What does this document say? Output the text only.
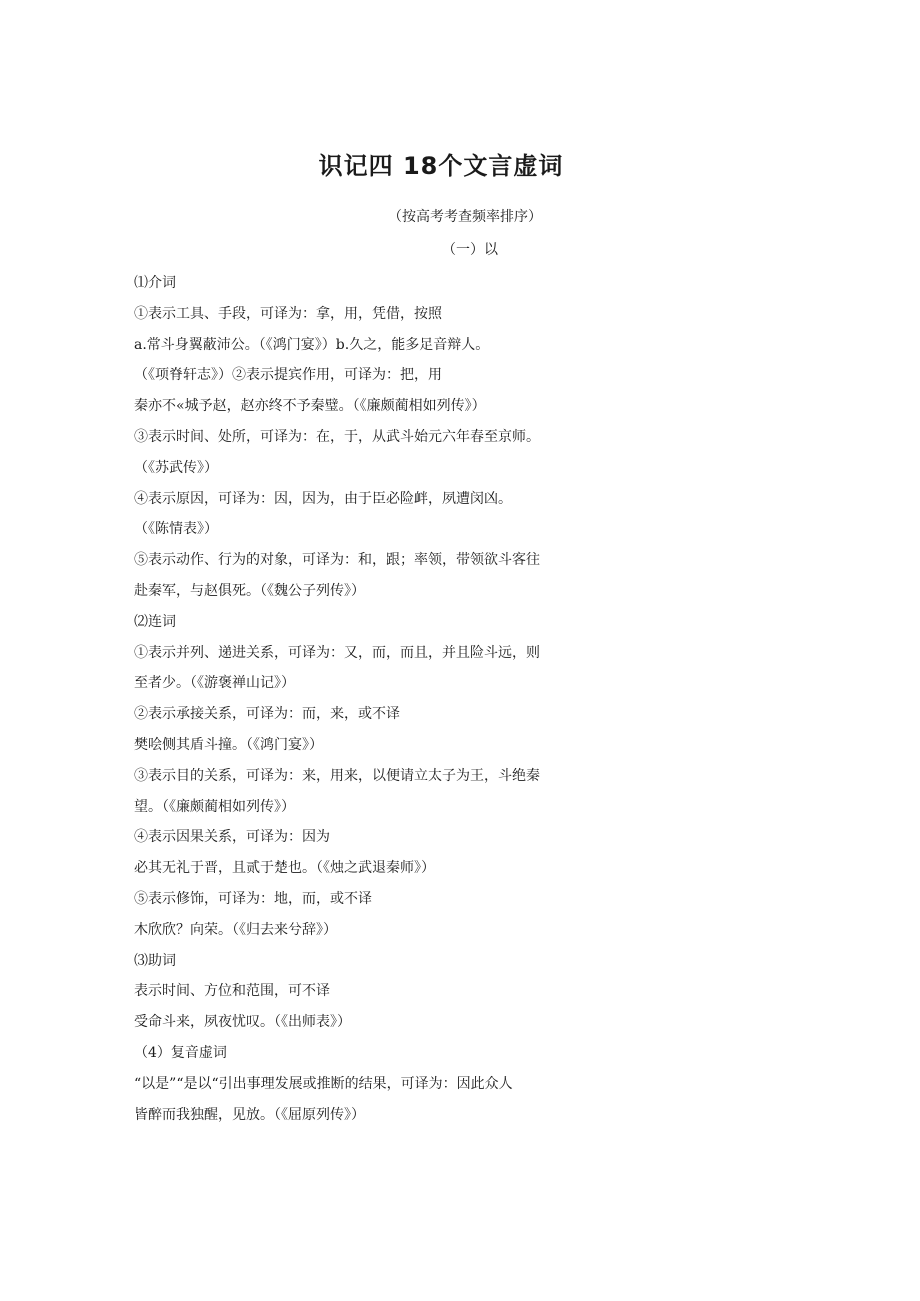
识记四 18个文言虚词
（按高考考查频率排序）
（一）以
⑴介词
①表示工具、手段，可译为：拿，用，凭借，按照
a.常斗身翼蔽沛公。（《鸿门宴》）b.久之，能多足音辩人。
（《项脊轩志》）②表示提宾作用，可译为：把，用
秦亦不«城予赵，赵亦终不予秦璧。（《廉颇蔺相如列传》）
③表示时间、处所，可译为：在，于，从武斗始元六年春至京师。
（《苏武传》）
④表示原因，可译为：因，因为，由于臣必险衅，夙遭闵凶。
（《陈情表》）
⑤表示动作、行为的对象，可译为：和，跟；率领，带领欲斗客往
赴秦军，与赵俱死。（《魏公子列传》）
⑵连词
①表示并列、递进关系，可译为：又，而，而且，并且险斗远，则
至者少。（《游褒禅山记》）
②表示承接关系，可译为：而，来，或不译
樊哙侧其盾斗撞。（《鸿门宴》）
③表示目的关系，可译为：来，用来，以便请立太子为王，斗绝秦
望。（《廉颇蔺相如列传》）
④表示因果关系，可译为：因为
必其无礼于晋，且贰于楚也。（《烛之武退秦师》）
⑤表示修饰，可译为：地，而，或不译
木欣欣？向荣。（《归去来兮辞》）
⑶助词
表示时间、方位和范围，可不译
受命斗来，夙夜忧叹。（《出师表》）
（4）复音虚词
“以是”“是以“引出事理发展或推断的结果，可译为：因此众人
皆醉而我独醒，见放。（《屈原列传》）
